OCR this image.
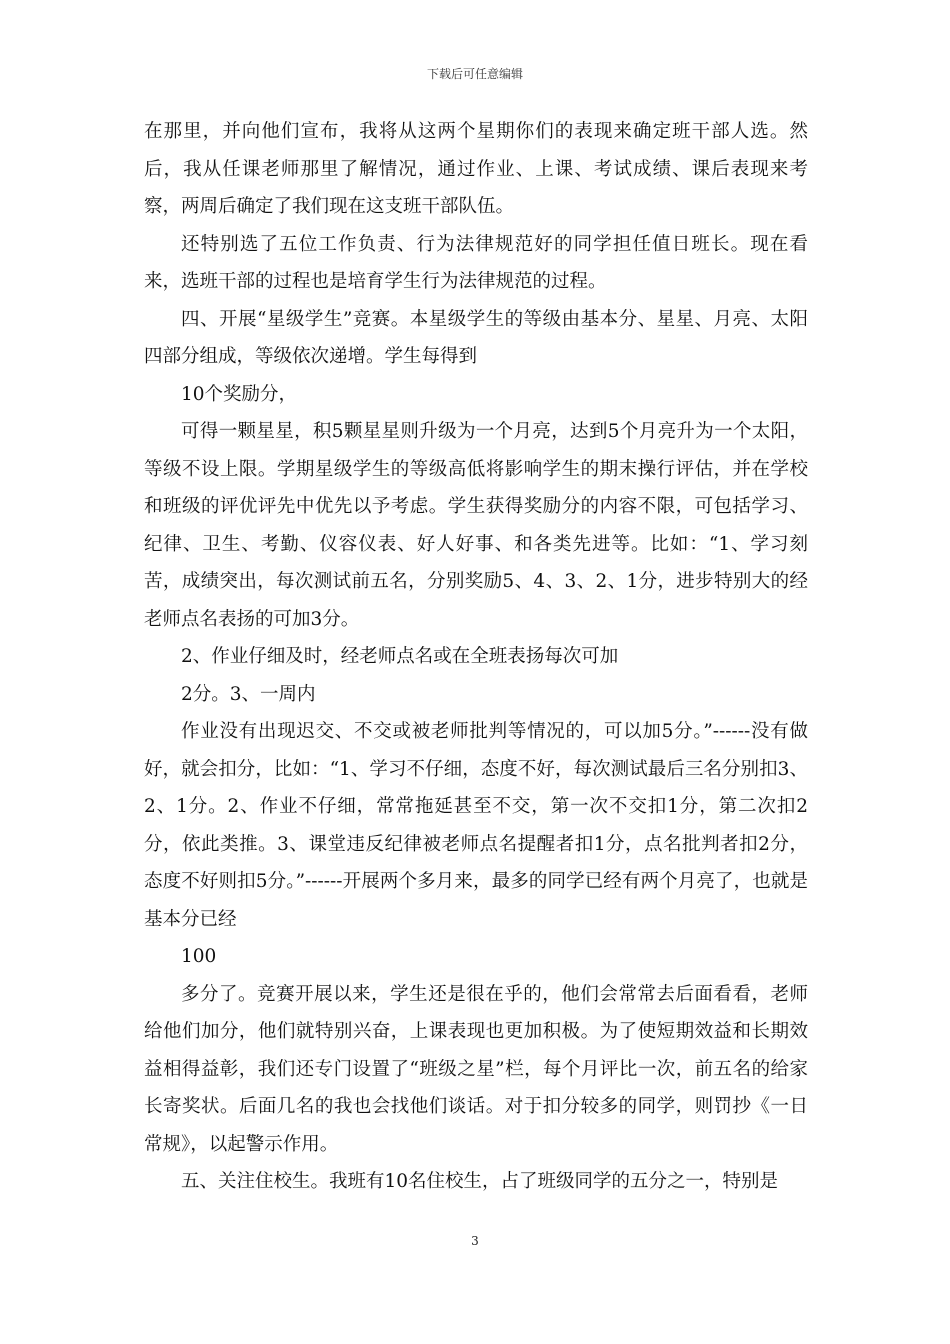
下载后可任意编辑

在那里，并向他们宣布，我将从这两个星期你们的表现来确定班干部人选。然后，我从任课老师那里了解情况，通过作业、上课、考试成绩、课后表现来考察，两周后确定了我们现在这支班干部队伍。

还特别选了五位工作负责、行为法律规范好的同学担任值日班长。现在看来，选班干部的过程也是培育学生行为法律规范的过程。

四、开展“星级学生”竞赛。本星级学生的等级由基本分、星星、月亮、太阳四部分组成，等级依次递增。学生每得到

10个奖励分，

可得一颗星星，积5颗星星则升级为一个月亮，达到5个月亮升为一个太阳，等级不设上限。学期星级学生的等级高低将影响学生的期末操行评估，并在学校和班级的评优评先中优先以予考虑。学生获得奖励分的内容不限，可包括学习、纪律、卫生、考勤、仪容仪表、好人好事、和各类先进等。比如：“1、学习刻苦，成绩突出，每次测试前五名，分别奖励5、4、3、2、1分，进步特别大的经老师点名表扬的可加3分。

2、作业仔细及时，经老师点名或在全班表扬每次可加

2分。3、一周内

作业没有出现迟交、不交或被老师批判等情况的，可以加5分。”------没有做好，就会扣分，比如：“1、学习不仔细，态度不好，每次测试最后三名分别扣3、2、1分。2、作业不仔细，常常拖延甚至不交，第一次不交扣1分，第二次扣2分，依此类推。3、课堂违反纪律被老师点名提醒者扣1分，点名批判者扣2分，态度不好则扣5分。”------开展两个多月来，最多的同学已经有两个月亮了，也就是基本分已经

100

多分了。竞赛开展以来，学生还是很在乎的，他们会常常去后面看看，老师给他们加分，他们就特别兴奋，上课表现也更加积极。为了使短期效益和长期效益相得益彰，我们还专门设置了“班级之星”栏，每个月评比一次，前五名的给家长寄奖状。后面几名的我也会找他们谈话。对于扣分较多的同学，则罚抄《一日常规》，以起警示作用。

五、关注住校生。我班有10名住校生，占了班级同学的五分之一，特别是

3
